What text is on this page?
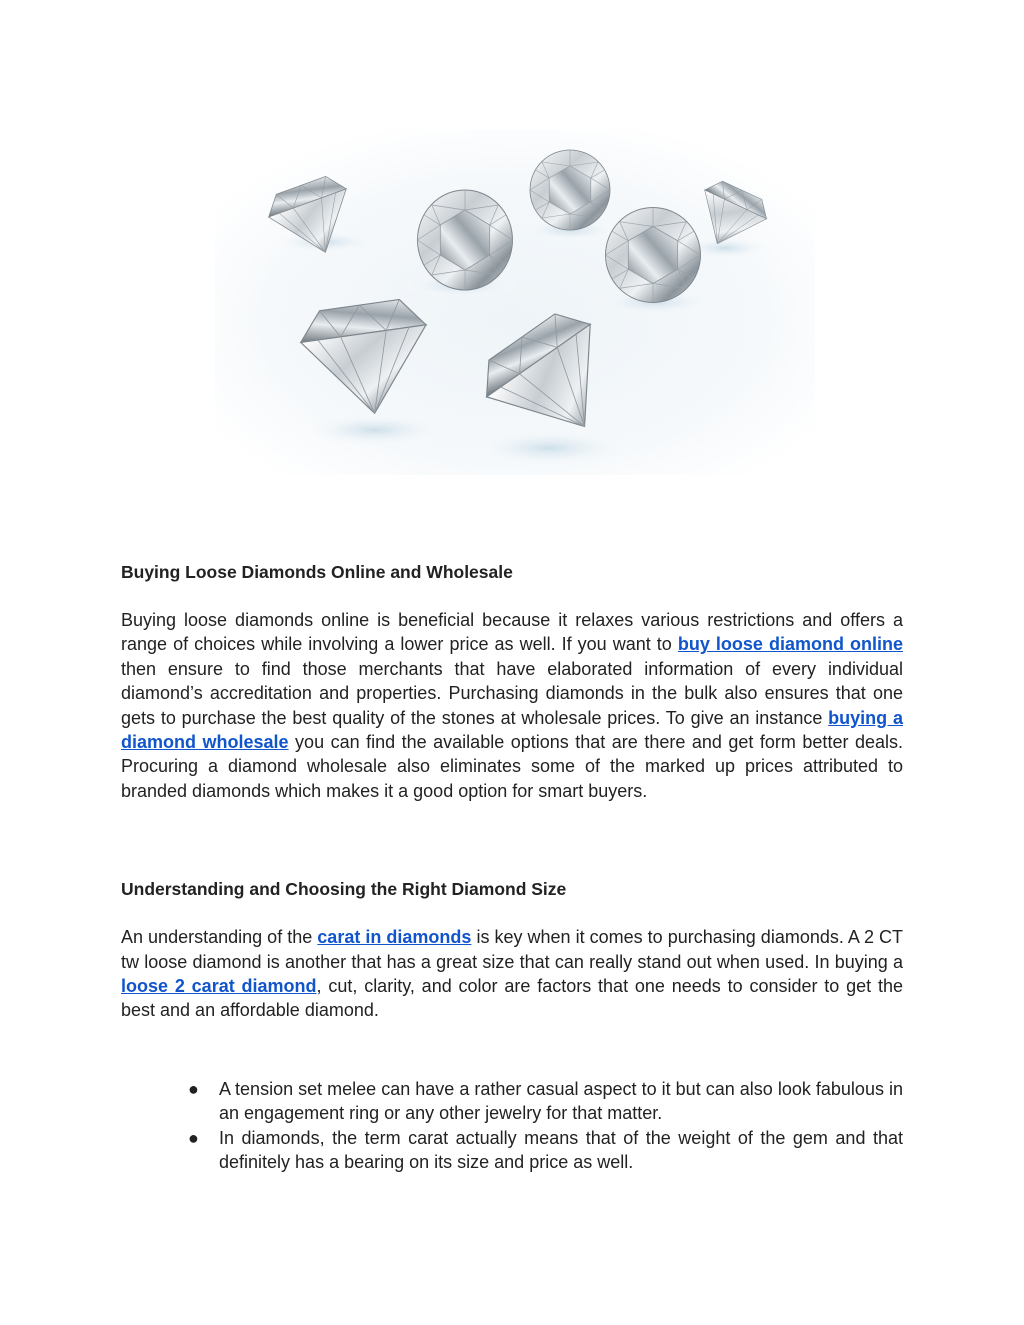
Buying Loose Diamonds Online and Wholesale

Buying loose diamonds online is beneficial because it relaxes various restrictions and offers a range of choices while involving a lower price as well. If you want to buy loose diamond online then ensure to find those merchants that have elaborated information of every individual diamond’s accreditation and properties. Purchasing diamonds in the bulk also ensures that one gets to purchase the best quality of the stones at wholesale prices. To give an instance buying a diamond wholesale you can find the available options that are there and get form better deals. Procuring a diamond wholesale also eliminates some of the marked up prices attributed to branded diamonds which makes it a good option for smart buyers.

Understanding and Choosing the Right Diamond Size

An understanding of the carat in diamonds is key when it comes to purchasing diamonds. A 2 CT tw loose diamond is another that has a great size that can really stand out when used. In buying a loose 2 carat diamond, cut, clarity, and color are factors that one needs to consider to get the best and an affordable diamond.

● A tension set melee can have a rather casual aspect to it but can also look fabulous in an engagement ring or any other jewelry for that matter.
● In diamonds, the term carat actually means that of the weight of the gem and that definitely has a bearing on its size and price as well.
